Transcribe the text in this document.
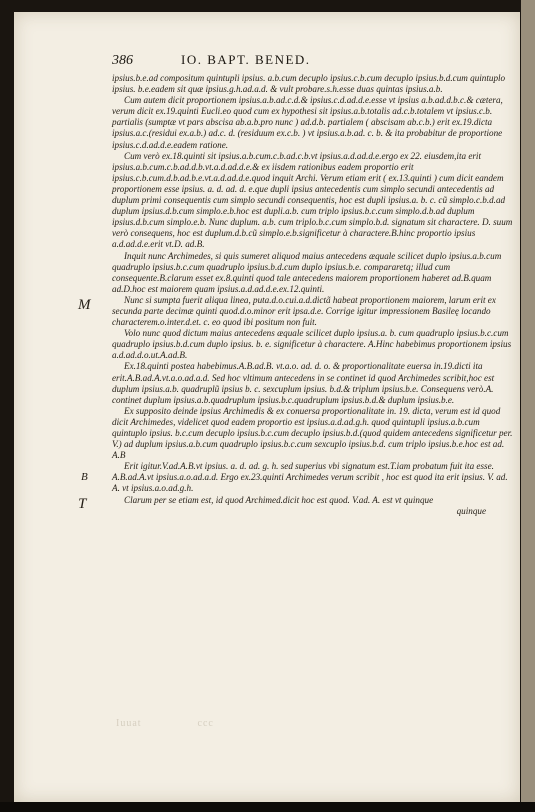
386	IO. BAPT. BENED.

ipsius.b.e.ad compositum quintupli ipsius. a.b.cum decuplo ipsius.c.b.cum decuplo ipsius.b.d.cum quintuplo ipsius. b.e.eadem sit quæ ipsius.g.h.ad.a.d. & vult probare.s.h.esse duas quintas ipsius.a.b.

Cum autem dicit proportionem ipsius.a.b.ad.c.d.& ipsius.c.d.ad.d.e.esse vt ipsius a.b.ad.d.b.c.& cætera, verum dicit ex.19.quinti Eucli.eo quod cum ex hypothesi sit ipsius.a.b.totalis ad.c.b.totalem vt ipsius.c.b. partialis (sumptæ vt pars abscisa ab.a.b.pro nunc ) ad.d.b. partialem ( abscisam ab.c.b.) erit ex.19.dicta ipsius.a.c.(residui ex.a.b.) ad.c. d. (residuum ex.c.b. ) vt ipsius.a.b.ad. c. b. & ita probabitur de proportione ipsius.c.d.ad.d.e.eadem ratione.

Cum verò ex.18.quinti sit ipsius.a.b.cum.c.b.ad.c.b.vt ipsius.a.d.ad.d.e.ergo ex 22. eiusdem,ita erit ipsius.a.b.cum.c.b.ad.d.b.vt.a.d.ad.d.e.& ex iisdem rationibus eadem proportio erit ipsius.c.b.cum.d.b.ad.b.e.vt.a.d.ad.d.e.quod inquit Archi. Verum etiam erit ( ex.13.quinti ) cum dicit eandem proportionem esse ipsius. a. d. ad. d. e.que dupli ipsius antecedentis cum simplo secundi antecedentis ad duplum primi consequentis cum simplo secundi consequentis, hoc est dupli ipsius.a. b. c. cũ simplo.c.b.d.ad duplum ipsius.d.b.cum simplo.e.b.hoc est dupli.a.b. cum triplo ipsius.b.c.cum simplo.d.b.ad duplum ipsius.d.b.cum simplo.e.b. Nunc duplum. a.b. cum triplo.b.c.cum simplo.b.d. signatum sit charactere. D. suum verò consequens, hoc est duplum.d.b.cũ simplo.e.b.significetur à charactere.B.hinc proportio ipsius a.d.ad.d.e.erit vt.D. ad.B.

Inquit nunc Archimedes, si quis sumeret aliquod maius antecedens æquale scilicet duplo ipsius.a.b.cum quadruplo ipsius.b.c.cum quadruplo ipsius.b.d.cum duplo ipsius.b.e. compararetq; illud cum consequente.B.clarum esset ex.8.quinti quod tale antecedens maiorem proportionem haberet ad.B.quam ad.D.hoc est maiorem quam ipsius.a.d.ad.d.e.ex.12.quinti.

Nunc si sumpta fuerit aliqua linea, puta.d.o.cui.a.d.dictã habeat proportionem maiorem, larum erit ex secunda parte decimæ quinti quod.d.o.minor erit ipsa.d.e. Corrige igitur impressionem Basileę locando characterem.o.inter.d.et. c. eo quod ibi positum non fuit.

Volo nunc quod dictum maius antecedens æquale scilicet duplo ipsius.a. b. cum quadruplo ipsius.b.c.cum quadruplo ipsius.b.d.cum duplo ipsius. b. e. significetur à charactere. A.Hinc habebimus proportionem ipsius a.d.ad.d.o.ut.A.ad.B.

Ex.18.quinti postea habebimus.A.B.ad.B. vt.a.o. ad. d. o. & proportionalitate euersa in.19.dicti ita erit.A.B.ad.A.vt.a.o.ad.a.d. Sed hoc vltimum antecedens in se continet id quod Archimedes scribit,hoc est duplum ipsius.a.b. quadruplũ ipsius b. c. sexcuplum ipsius. b.d.& triplum ipsius.b.e. Consequens verò.A. continet duplum ipsius.a.b.quadruplum ipsius.b.c.quadruplum ipsius.b.d.& duplum ipsius.b.e.

Ex supposito deinde ipsius Archimedis & ex conuersa proportionalitate in. 19. dicta, verum est id quod dicit Archimedes, videlicet quod eadem proportio est ipsius.a.d.ad.g.h. quod quintupli ipsius.a.b.cum quintuplo ipsius. b.c.cum decuplo ipsius.b.c.cum decuplo ipsius.b.d.(quod quidem antecedens significetur per. V.) ad duplum ipsius.a.b.cum quadruplo ipsius.b.c.cum sexcuplo ipsius.b.d. cum triplo ipsius.b.e.hoc est ad. A.B

Erit igitur.V.ad.A.B.vt ipsius. a. d. ad. g. h. sed superius vbi signatum est.T.iam probatum fuit ita esse. A.B.ad.A.vt ipsius.a.o.ad.a.d. Ergo ex.23.quinti Archimedes verum scribit , hoc est quod ita erit ipsius. V. ad. A. vt ipsius.a.o.ad.g.h.

Clarum per se etiam est, id quod Archimed.dicit hoc est quod. V.ad. A. est vt quinque

quinque

Iuuat	ccc
M
B
T
